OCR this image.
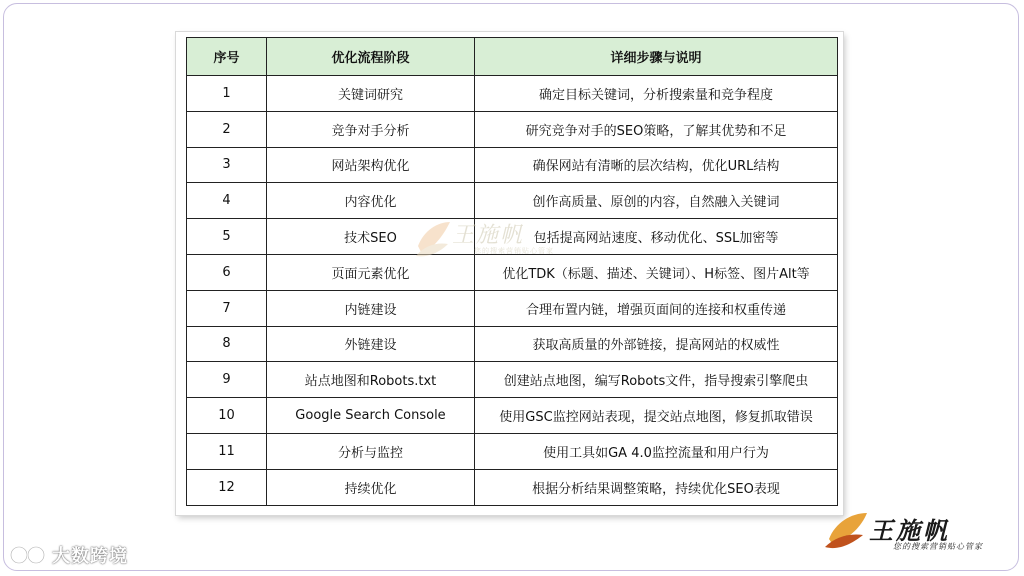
序号	优化流程阶段	详细步骤与说明
1	关键词研究	确定目标关键词，分析搜索量和竞争程度
2	竞争对手分析	研究竞争对手的SEO策略，了解其优势和不足
3	网站架构优化	确保网站有清晰的层次结构，优化URL结构
4	内容优化	创作高质量、原创的内容，自然融入关键词
5	技术SEO	包括提高网站速度、移动优化、SSL加密等
6	页面元素优化	优化TDK（标题、描述、关键词）、H标签、图片Alt等
7	内链建设	合理布置内链，增强页面间的连接和权重传递
8	外链建设	获取高质量的外部链接，提高网站的权威性
9	站点地图和Robots.txt	创建站点地图，编写Robots文件，指导搜索引擎爬虫
10	Google Search Console	使用GSC监控网站表现，提交站点地图，修复抓取错误
11	分析与监控	使用工具如GA 4.0监控流量和用户行为
12	持续优化	根据分析结果调整策略，持续优化SEO表现
王施帆
您的搜索营销贴心管家
王施帆
您的搜索营销贴心管家
大数跨境
